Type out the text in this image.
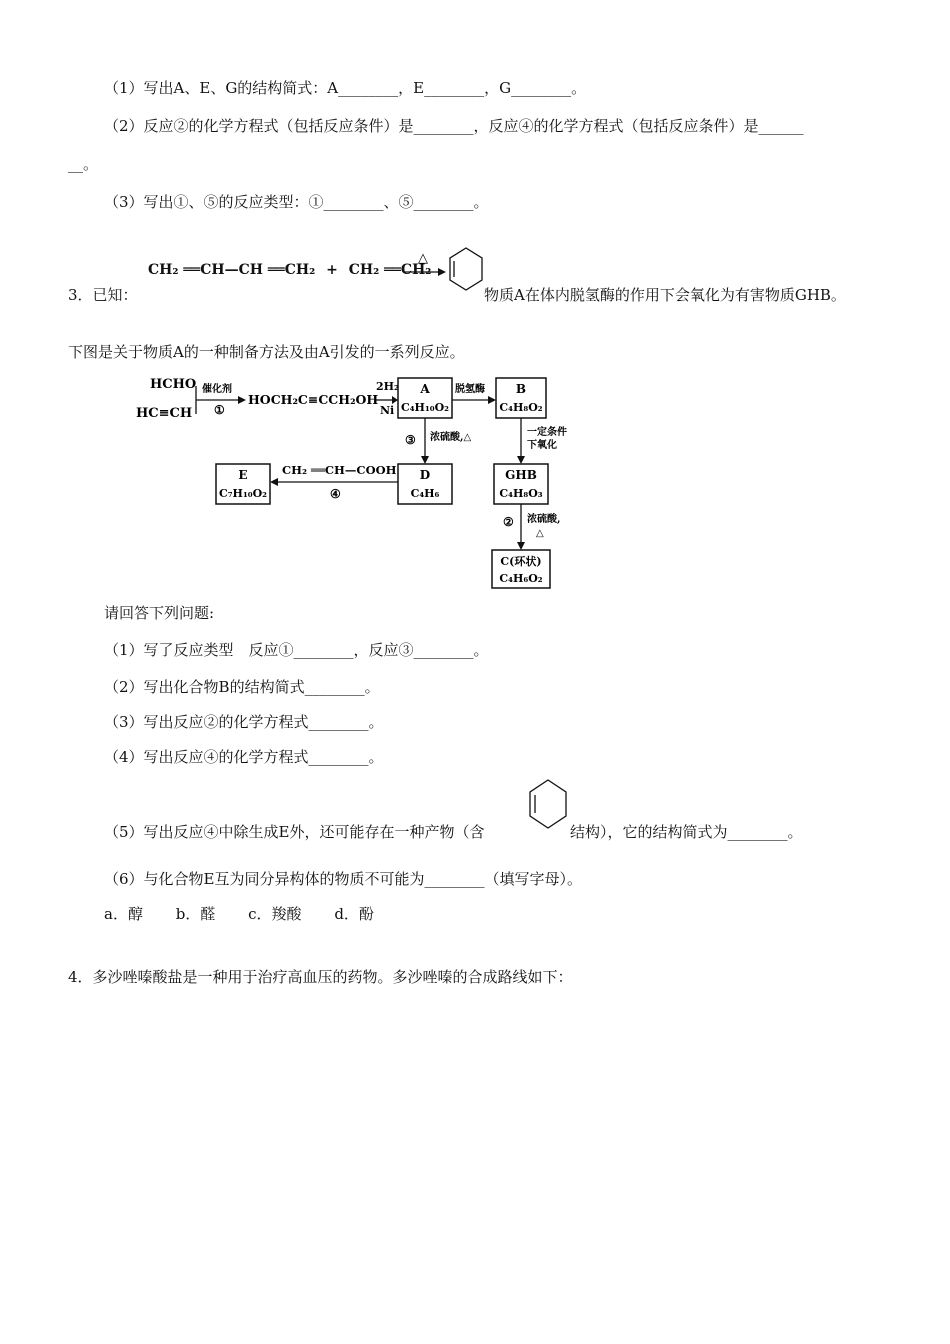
（1）写出A、E、G的结构简式：A________，E________，G________。
（2）反应②的化学方程式（包括反应条件）是________，反应④的化学方程式（包括反应条件）是______
__。
（3）写出①、⑤的反应类型：①________、⑤________。
3．已知：
CH₂ ══CH—CH ══CH₂ + CH₂ ══CH₂
△
物质A在体内脱氢酶的作用下会氧化为有害物质GHB。
下图是关于物质A的一种制备方法及由A引发的一系列反应。
HCHO
HC≡CH
催化剂
①
HOCH₂C≡CCH₂OH
2H₂
Ni
A
C₄H₁₀O₂
脱氢酶	B
C₄H₈O₂
一定条件
下氧化
GHB
C₄H₈O₃
② 浓硫酸,
△
C(环状)
C₄H₆O₂
③ 浓硫酸,△
D
C₄H₆
CH₂ ══CH—COOH
④
E
C₇H₁₀O₂
请回答下列问题:
（1）写了反应类型　反应①________，反应③________。
（2）写出化合物B的结构简式________。
（3）写出反应②的化学方程式________。
（4）写出反应④的化学方程式________。
（5）写出反应④中除生成E外，还可能存在一种产物（含	结构），它的结构简式为________。
（6）与化合物E互为同分异构体的物质不可能为________（填写字母）。
a．醇 b．醛 c．羧酸 d．酚
4．多沙唑嗪酸盐是一种用于治疗高血压的药物。多沙唑嗪的合成路线如下：
